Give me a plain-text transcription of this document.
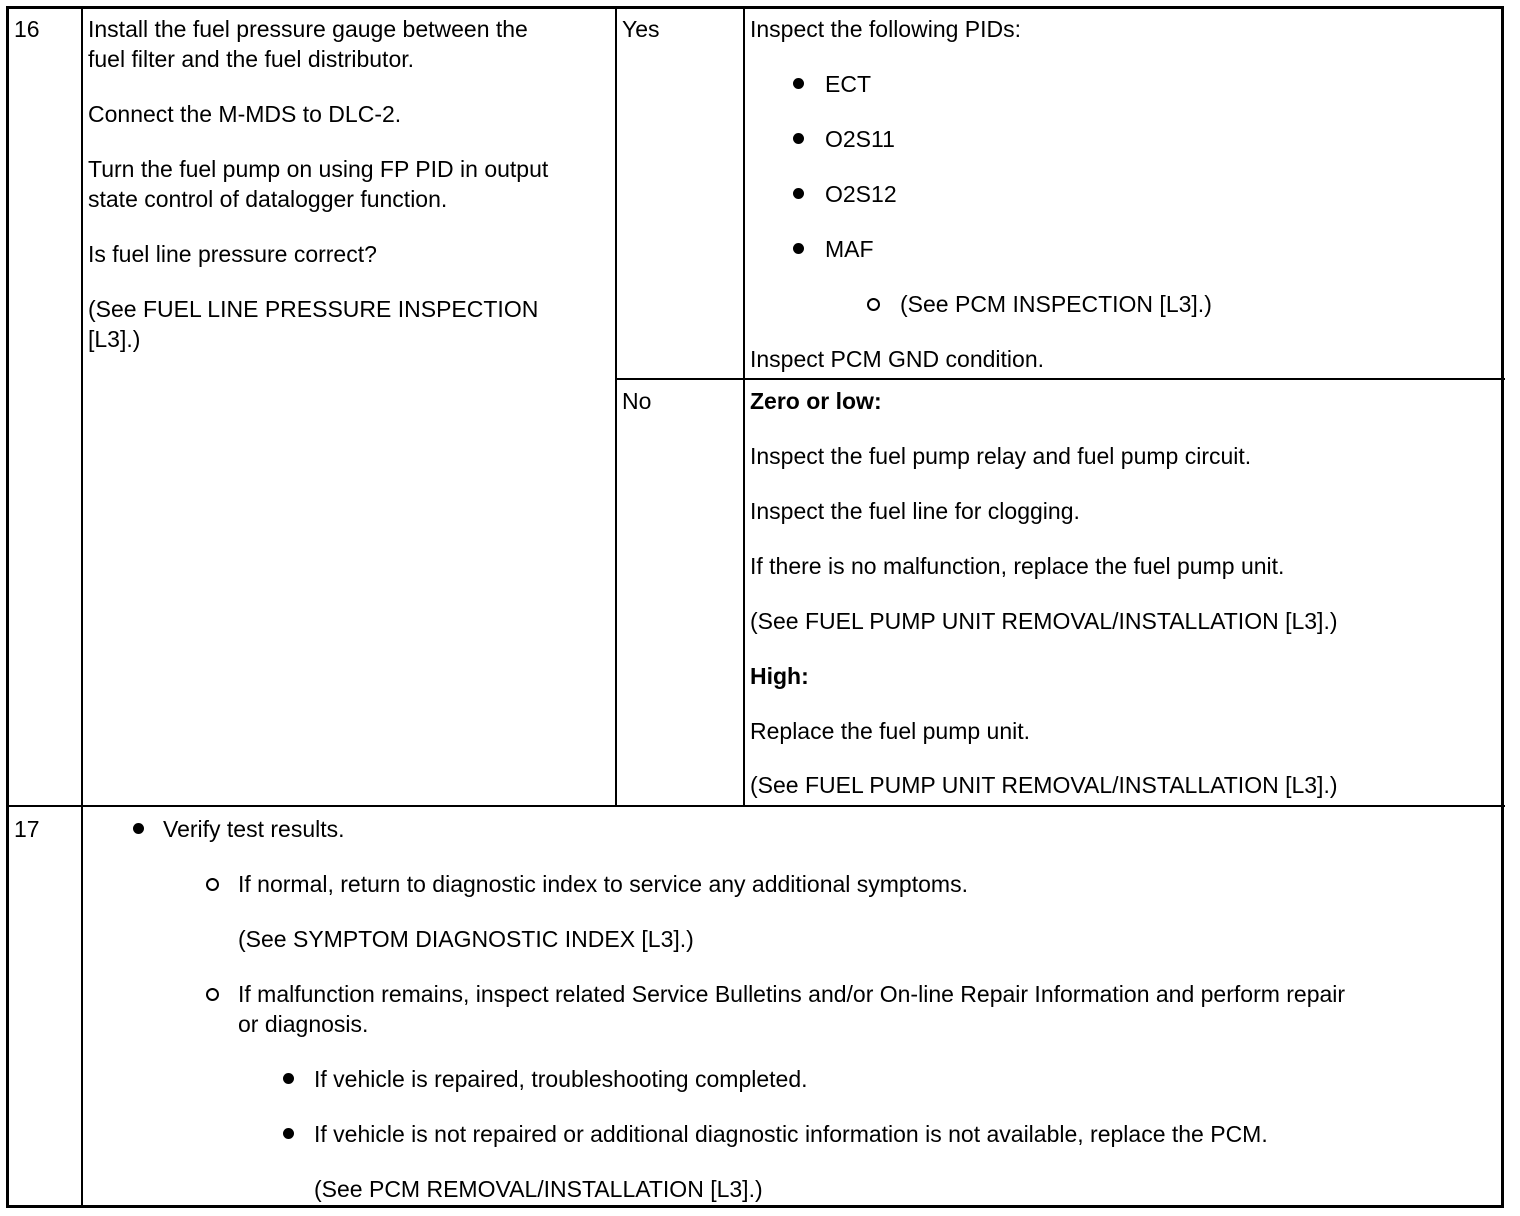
16 Install the fuel pressure gauge between the
fuel filter and the fuel distributor.
Connect the M-MDS to DLC-2.
Turn the fuel pump on using FP PID in output
state control of datalogger function.
Is fuel line pressure correct?
(See FUEL LINE PRESSURE INSPECTION
[L3].)
Yes	Inspect the following PIDs:
ECT
O2S11
O2S12
MAF
(See PCM INSPECTION [L3].)
Inspect PCM GND condition.
No	Zero or low:
Inspect the fuel pump relay and fuel pump circuit.
Inspect the fuel line for clogging.
If there is no malfunction, replace the fuel pump unit.
(See FUEL PUMP UNIT REMOVAL/INSTALLATION [L3].)
High:
Replace the fuel pump unit.
(See FUEL PUMP UNIT REMOVAL/INSTALLATION [L3].)
17	Verify test results.
If normal, return to diagnostic index to service any additional symptoms.
(See SYMPTOM DIAGNOSTIC INDEX [L3].)
If malfunction remains, inspect related Service Bulletins and/or On-line Repair Information and perform repair
or diagnosis.
If vehicle is repaired, troubleshooting completed.
If vehicle is not repaired or additional diagnostic information is not available, replace the PCM.
(See PCM REMOVAL/INSTALLATION [L3].)
